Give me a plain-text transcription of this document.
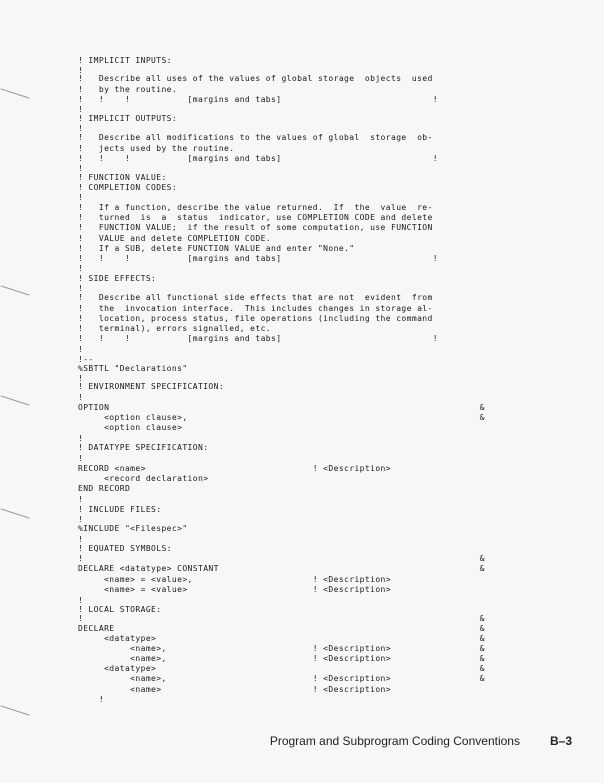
! IMPLICIT INPUTS:
!
!   Describe all uses of the values of global storage  objects  used
!   by the routine.
!   !    !           [margins and tabs]                             !
!
! IMPLICIT OUTPUTS:
!
!   Describe all modifications to the values of global  storage  ob-
!   jects used by the routine.
!   !    !           [margins and tabs]                             !
!
! FUNCTION VALUE:
! COMPLETION CODES:
!
!   If a function, describe the value returned.  If  the  value  re-
!   turned  is  a  status  indicator, use COMPLETION CODE and delete
!   FUNCTION VALUE;  if the result of some computation, use FUNCTION
!   VALUE and delete COMPLETION CODE.
!   If a SUB, delete FUNCTION VALUE and enter "None."
!   !    !           [margins and tabs]                             !
!
! SIDE EFFECTS:
!
!   Describe all functional side effects that are not  evident  from
!   the  invocation interface.  This includes changes in storage al-
!   location, process status, file operations (including the command
!   terminal), errors signalled, etc.
!   !    !           [margins and tabs]                             !
!
!--
%SBTTL "Declarations"
!
! ENVIRONMENT SPECIFICATION:
!
OPTION                                                                       &
<option clause>,                                                        &
<option clause>
!
! DATATYPE SPECIFICATION:
!
RECORD <name>                                ! <Description>
<record declaration>
END RECORD
!
! INCLUDE FILES:
!
%INCLUDE "<Filespec>"
!
! EQUATED SYMBOLS:
!                                                                            &
DECLARE <datatype> CONSTANT                                                  &
<name> = <value>,                       ! <Description>
<name> = <value>                        ! <Description>
!
! LOCAL STORAGE:
!                                                                            &
DECLARE                                                                      &
<datatype>                                                              &
<name>,                            ! <Description>                 &
<name>,                            ! <Description>                 &
<datatype>                                                              &
<name>,                            ! <Description>                 &
<name>                             ! <Description>
!
Program and Subprogram Coding Conventions	B–3
